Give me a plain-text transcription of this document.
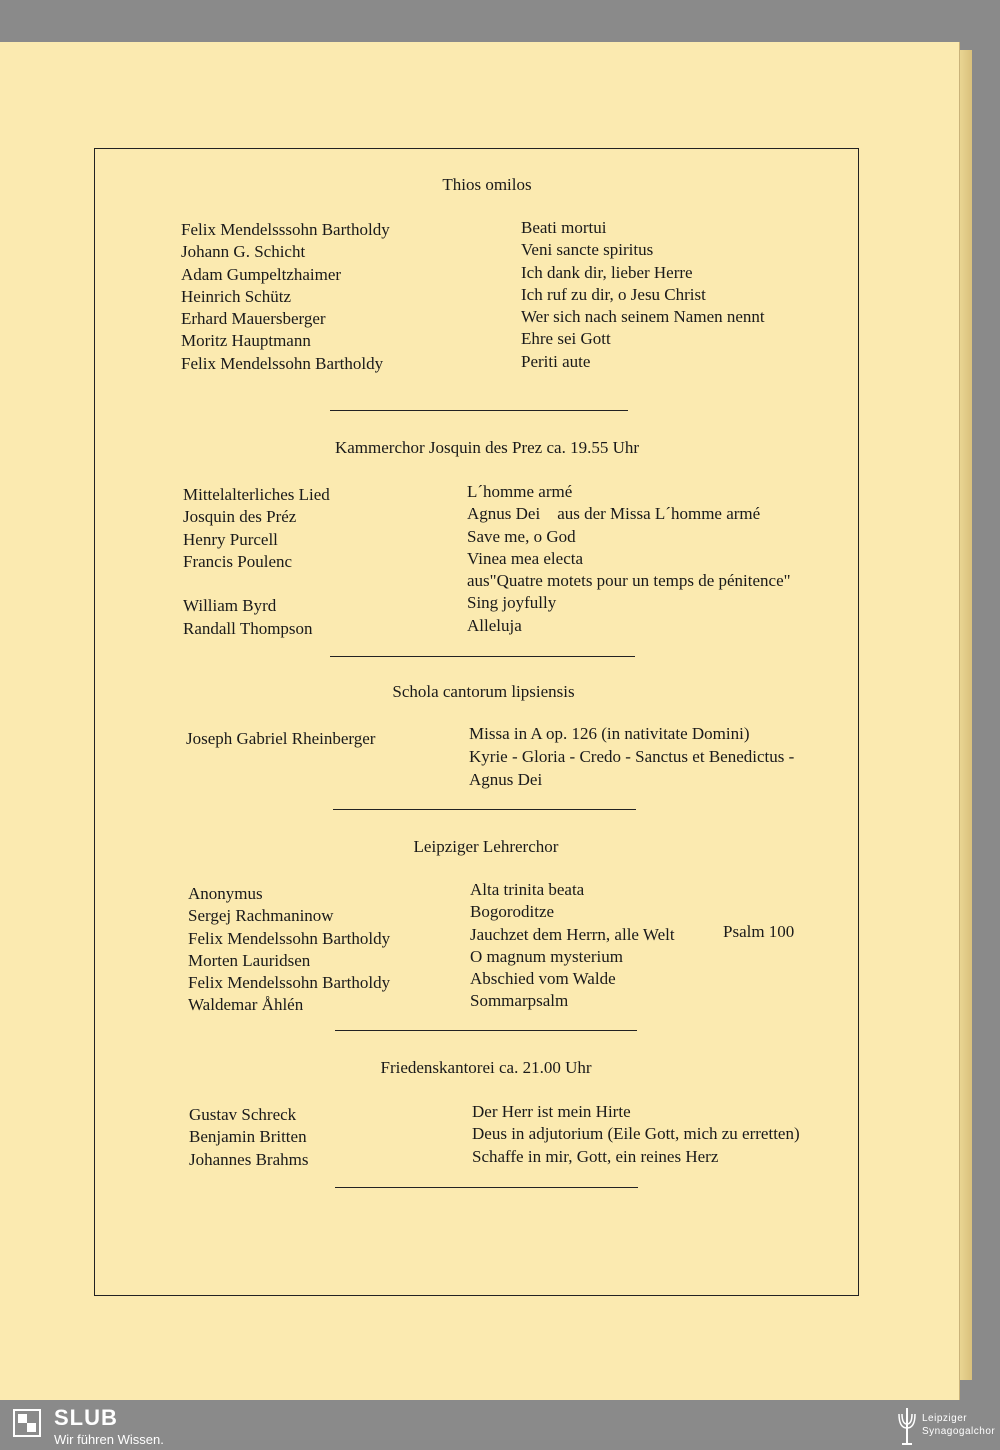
Thios omilos
Felix Mendelsssohn Bartholdy
Johann G. Schicht
Adam Gumpeltzhaimer
Heinrich Schütz
Erhard Mauersberger
Moritz Hauptmann
Felix Mendelssohn Bartholdy
Beati mortui
Veni sancte spiritus
Ich dank dir, lieber Herre
Ich ruf zu dir, o Jesu Christ
Wer sich nach seinem Namen nennt
Ehre sei Gott
Periti aute
Kammerchor Josquin des Prez ca. 19.55 Uhr
Mittelalterliches Lied
Josquin des Préz
Henry Purcell
Francis Poulenc
William Byrd
Randall Thompson
L´homme armé
Agnus Dei    aus der Missa L´homme armé
Save me, o God
Vinea mea electa
aus"Quatre motets pour un temps de pénitence"
Sing joyfully
Alleluja
Schola cantorum lipsiensis
Joseph Gabriel Rheinberger	Missa in A op. 126 (in nativitate Domini)
Kyrie - Gloria - Credo - Sanctus et Benedictus -
Agnus Dei
Leipziger Lehrerchor
Anonymus
Sergej Rachmaninow
Felix Mendelssohn Bartholdy
Morten Lauridsen
Felix Mendelssohn Bartholdy
Waldemar Åhlén
Alta trinita beata
Bogoroditze
Jauchzet dem Herrn, alle Welt
O magnum mysterium
Abschied vom Walde
Sommarpsalm
Psalm 100
Friedenskantorei ca. 21.00 Uhr
Gustav Schreck
Benjamin Britten
Johannes Brahms
Der Herr ist mein Hirte
Deus in adjutorium (Eile Gott, mich zu erretten)
Schaffe in mir, Gott, ein reines Herz
SLUB
Wir führen Wissen.
Leipziger
Synagogalchor
